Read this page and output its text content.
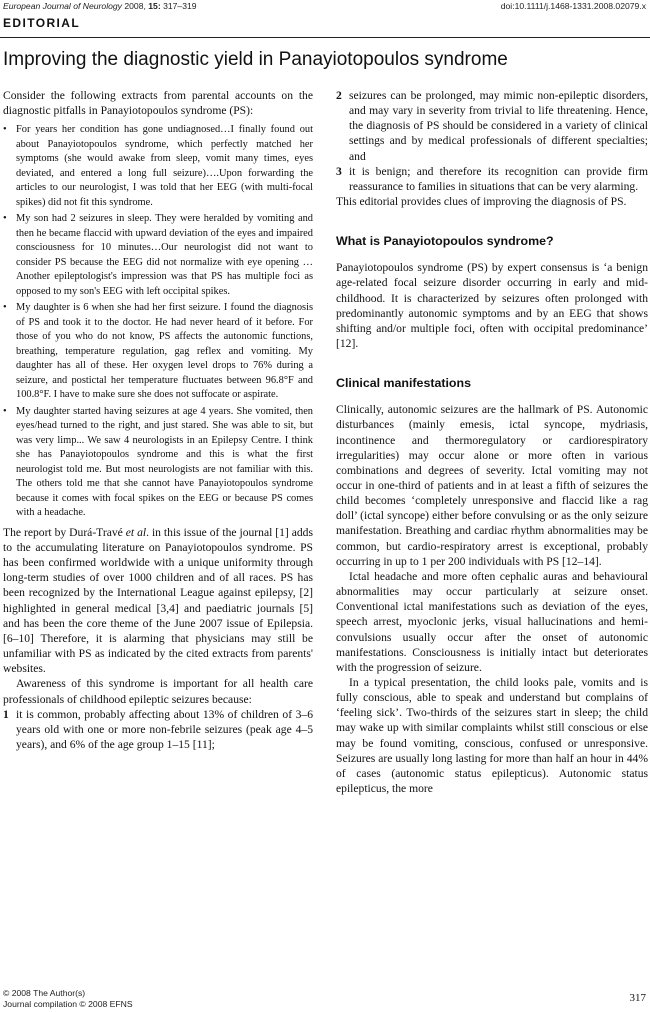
European Journal of Neurology 2008, 15: 317–319	doi:10.1111/j.1468-1331.2008.02079.x
EDITORIAL
Improving the diagnostic yield in Panayiotopoulos syndrome

Consider the following extracts from parental accounts on the diagnostic pitfalls in Panayiotopoulos syndrome (PS):

• For years her condition has gone undiagnosed…I finally found out about Panayiotopoulos syndrome, which perfectly matched her symptoms (she would awake from sleep, vomit many times, eyes deviated, and entered a long full seizure)….Upon forwarding the articles to our neurologist, I was told that her EEG (with multi-focal spikes) did not fit this syndrome.
• My son had 2 seizures in sleep. They were heralded by vomiting and then he became flaccid with upward deviation of the eyes and impaired consciousness for 10 minutes…Our neurologist did not want to consider PS because the EEG did not normalize with eye opening …Another epileptologist's impression was that PS has multiple foci as opposed to my son's EEG with left occipital spikes.
• My daughter is 6 when she had her first seizure. I found the diagnosis of PS and took it to the doctor. He had never heard of it before. For those of you who do not know, PS affects the autonomic functions, breathing, temperature regulation, gag reflex and vomiting. My daughter has all of these. Her oxygen level drops to 76% during a seizure, and postictal her temperature fluctuates between 96.8°F and 100.8°F. I have to make sure she does not suffocate or aspirate.
• My daughter started having seizures at age 4 years. She vomited, then eyes/head turned to the right, and just stared. She was able to sit, but was very limp... We saw 4 neurologists in an Epilepsy Centre. I think she has Panayiotopoulos syndrome and this is what the first neurologist told me. But most neurologists are not familiar with this. The others told me that she cannot have Panayiotopoulos syndrome because it comes with focal spikes on the EEG or because PS comes with a headache.

The report by Durá-Travé et al. in this issue of the journal [1] adds to the accumulating literature on Panayiotopoulos syndrome. PS has been confirmed worldwide with a unique uniformity through long-term studies of over 1000 children and of all races. PS has been recognized by the International League against epilepsy, [2] highlighted in general medical [3,4] and paediatric journals [5] and has been the core theme of the June 2007 issue of Epilepsia. [6–10] Therefore, it is alarming that physicians may still be unfamiliar with PS as indicated by the cited extracts from parents' websites.

Awareness of this syndrome is important for all health care professionals of childhood epileptic seizures because:

1 it is common, probably affecting about 13% of children of 3–6 years old with one or more non-febrile seizures (peak age 4–5 years), and 6% of the age group 1–15 [11];
2 seizures can be prolonged, may mimic non-epileptic disorders, and may vary in severity from trivial to life threatening. Hence, the diagnosis of PS should be considered in a variety of clinical settings and by medical professionals of different specialties; and
3 it is benign; and therefore its recognition can provide firm reassurance to families in situations that can be very alarming.

This editorial provides clues of improving the diagnosis of PS.

What is Panayiotopoulos syndrome?

Panayiotopoulos syndrome (PS) by expert consensus is ‘a benign age-related focal seizure disorder occurring in early and mid-childhood. It is characterized by seizures often prolonged with predominantly autonomic symptoms and by an EEG that shows shifting and/or multiple foci, often with occipital predominance’ [12].

Clinical manifestations

Clinically, autonomic seizures are the hallmark of PS. Autonomic disturbances (mainly emesis, ictal syncope, mydriasis, incontinence and thermoregulatory or cardiorespiratory irregularities) may occur alone or more often in various combinations and degrees of severity. Ictal vomiting may not occur in one-third of patients and in at least a fifth of seizures the child becomes ‘completely unresponsive and flaccid like a rag doll’ (ictal syncope) either before convulsing or as the only seizure manifestation. Breathing and cardiac rhythm abnormalities may be common, but cardio-respiratory arrest is exceptional, probably occurring in up to 1 per 200 individuals with PS [12–14].

Ictal headache and more often cephalic auras and behavioural abnormalities may occur particularly at seizure onset. Conventional ictal manifestations such as deviation of the eyes, speech arrest, myoclonic jerks, visual hallucinations and hemi-convulsions usually occur after the onset of autonomic manifestations. Consciousness is initially intact but deteriorates with the progression of seizure.

In a typical presentation, the child looks pale, vomits and is fully conscious, able to speak and understand but complains of ‘feeling sick’. Two-thirds of the seizures start in sleep; the child may wake up with similar complaints whilst still conscious or else may be found vomiting, conscious, confused or unresponsive. Seizures are usually long lasting for more than half an hour in 44% of cases (autonomic status epilepticus). Autonomic status epilepticus, the more

© 2008 The Author(s)
Journal compilation © 2008 EFNS	317
